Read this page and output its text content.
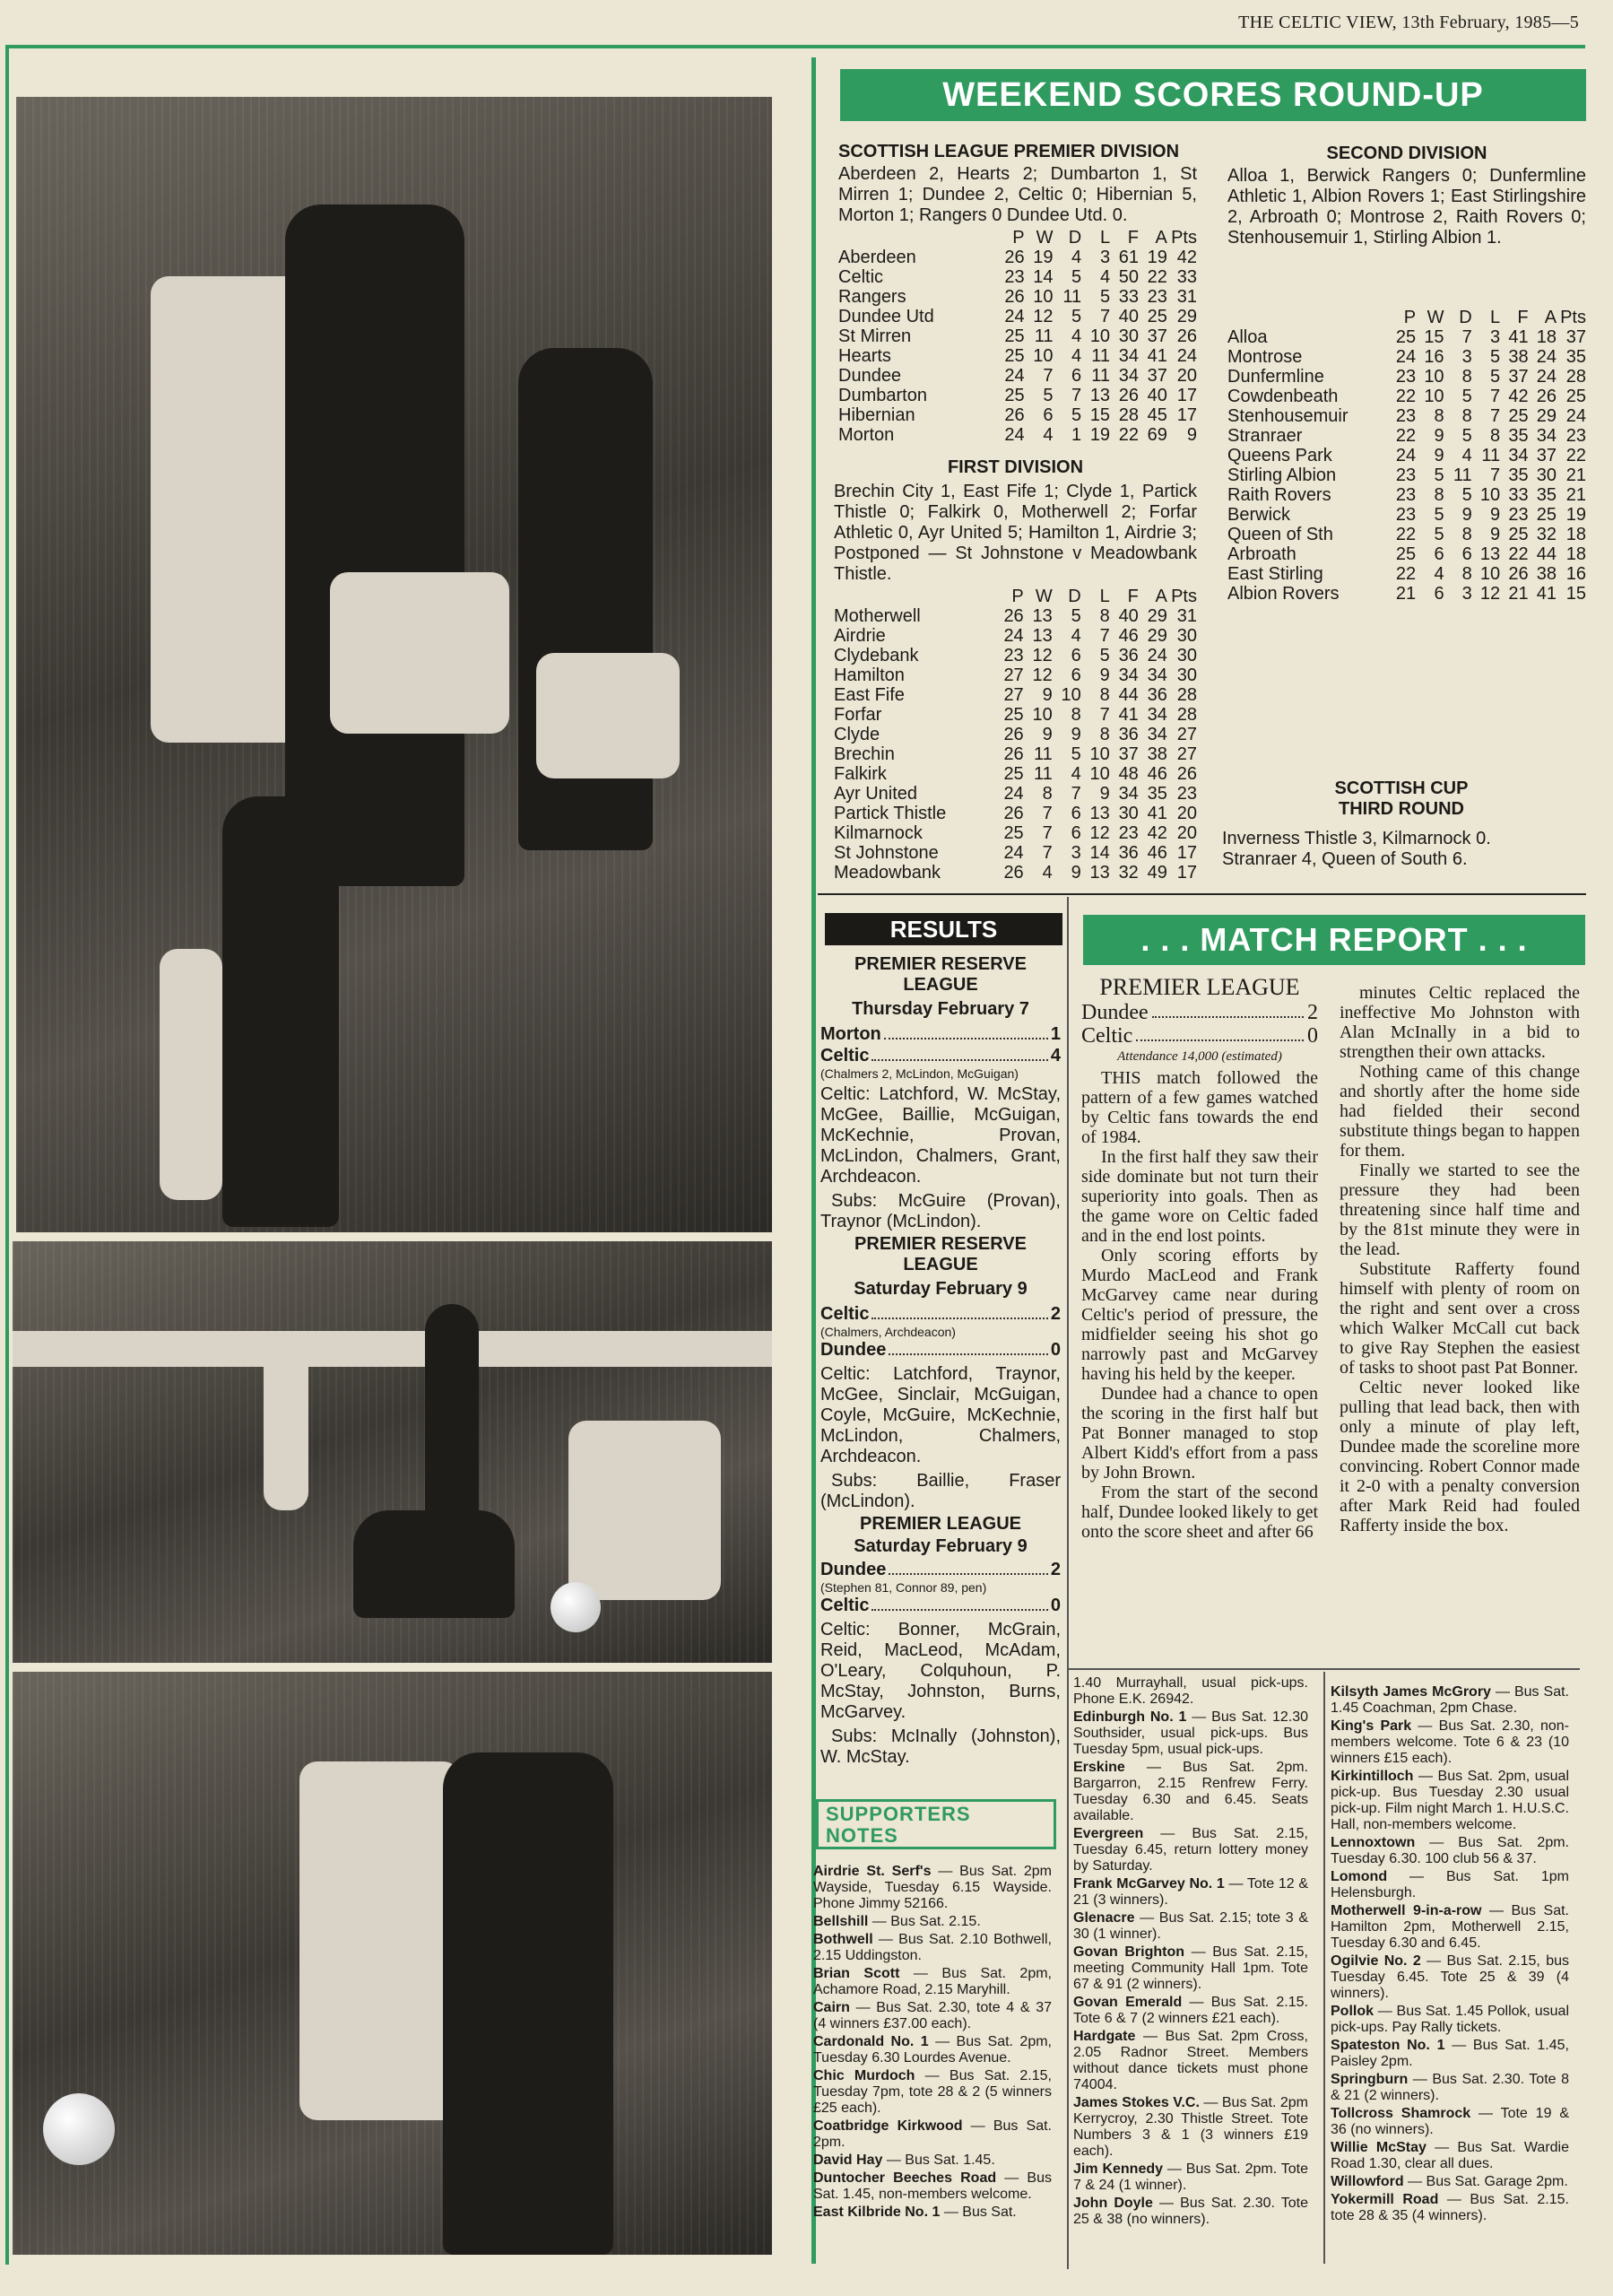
THE CELTIC VIEW, 13th February, 1985—5
WEEKEND SCORES ROUND-UP
SCOTTISH LEAGUE PREMIER DIVISION
Aberdeen 2, Hearts 2; Dumbarton 1, St Mirren 1; Dundee 2, Celtic 0; Hibernian 5, Morton 1; Rangers 0 Dundee Utd. 0.
	P	W	D	L	F	A	Pts
Aberdeen	26	19	4	3	61	19	42
Celtic	23	14	5	4	50	22	33
Rangers	26	10	11	5	33	23	31
Dundee Utd	24	12	5	7	40	25	29
St Mirren	25	11	4	10	30	37	26
Hearts	25	10	4	11	34	41	24
Dundee	24	7	6	11	34	37	20
Dumbarton	25	5	7	13	26	40	17
Hibernian	26	6	5	15	28	45	17
Morton	24	4	1	19	22	69	9
FIRST DIVISION
Brechin City 1, East Fife 1; Clyde 1, Partick Thistle 0; Falkirk 0, Motherwell 2; Forfar Athletic 0, Ayr United 5; Hamilton 1, Airdrie 3; Postponed — St Johnstone v Meadowbank Thistle.
	P	W	D	L	F	A	Pts
Motherwell	26	13	5	8	40	29	31
Airdrie	24	13	4	7	46	29	30
Clydebank	23	12	6	5	36	24	30
Hamilton	27	12	6	9	34	34	30
East Fife	27	9	10	8	44	36	28
Forfar	25	10	8	7	41	34	28
Clyde	26	9	9	8	36	34	27
Brechin	26	11	5	10	37	38	27
Falkirk	25	11	4	10	48	46	26
Ayr United	24	8	7	9	34	35	23
Partick Thistle	26	7	6	13	30	41	20
Kilmarnock	25	7	6	12	23	42	20
St Johnstone	24	7	3	14	36	46	17
Meadowbank	26	4	9	13	32	49	17
SECOND DIVISION
Alloa 1, Berwick Rangers 0; Dunfermline Athletic 1, Albion Rovers 1; East Stirlingshire 2, Arbroath 0; Montrose 2, Raith Rovers 0; Stenhousemuir 1, Stirling Albion 1.
	P	W	D	L	F	A	Pts
Alloa	25	15	7	3	41	18	37
Montrose	24	16	3	5	38	24	35
Dunfermline	23	10	8	5	37	24	28
Cowdenbeath	22	10	5	7	42	26	25
Stenhousemuir	23	8	8	7	25	29	24
Stranraer	22	9	5	8	35	34	23
Queens Park	24	9	4	11	34	37	22
Stirling Albion	23	5	11	7	35	30	21
Raith Rovers	23	8	5	10	33	35	21
Berwick	23	5	9	9	23	25	19
Queen of Sth	22	5	8	9	25	32	18
Arbroath	25	6	6	13	22	44	18
East Stirling	22	4	8	10	26	38	16
Albion Rovers	21	6	3	12	21	41	15
SCOTTISH CUP
THIRD ROUND
Inverness Thistle 3, Kilmarnock 0.
Stranraer 4, Queen of South 6.
RESULTS
PREMIER RESERVE LEAGUE
Thursday February 7
Morton	1
Celtic	4
(Chalmers 2, McLindon, McGuigan)
Celtic: Latchford, W. McStay, McGee, Baillie, McGuigan, McKechnie, Provan, McLindon, Chalmers, Grant, Archdeacon.
Subs: McGuire (Provan), Traynor (McLindon).
PREMIER RESERVE LEAGUE
Saturday February 9
Celtic	2
(Chalmers, Archdeacon)
Dundee	0
Celtic: Latchford, Traynor, McGee, Sinclair, McGuigan, Coyle, McGuire, McKechnie, McLindon, Chalmers, Archdeacon.
Subs: Baillie, Fraser (McLindon).
PREMIER LEAGUE
Saturday February 9
Dundee	2
(Stephen 81, Connor 89, pen)
Celtic	0
Celtic: Bonner, McGrain, Reid, MacLeod, McAdam, O'Leary, Colquhoun, P. McStay, Johnston, Burns, McGarvey.
Subs: McInally (Johnston), W. McStay.
. . . MATCH REPORT . . .
PREMIER LEAGUE
Dundee	2
Celtic	0
Attendance 14,000 (estimated)

THIS match followed the pattern of a few games watched by Celtic fans towards the end of 1984.

In the first half they saw their side dominate but not turn their superiority into goals. Then as the game wore on Celtic faded and in the end lost points.

Only scoring efforts by Murdo MacLeod and Frank McGarvey came near during Celtic's period of pressure, the midfielder seeing his shot go narrowly past and McGarvey having his held by the keeper.

Dundee had a chance to open the scoring in the first half but Pat Bonner managed to stop Albert Kidd's effort from a pass by John Brown.

From the start of the second half, Dundee looked likely to get onto the score sheet and after 66

minutes Celtic replaced the ineffective Mo Johnston with Alan McInally in a bid to strengthen their own attacks.

Nothing came of this change and shortly after the home side had fielded their second substitute things began to happen for them.

Finally we started to see the pressure they had been threatening since half time and by the 81st minute they were in the lead.

Substitute Rafferty found himself with plenty of room on the right and sent over a cross which Walker McCall cut back to give Ray Stephen the easiest of tasks to shoot past Pat Bonner.

Celtic never looked like pulling that lead back, then with only a minute of play left, Dundee made the scoreline more convincing. Robert Connor made it 2-0 with a penalty conversion after Mark Reid had fouled Rafferty inside the box.

SUPPORTERS
NOTES
Airdrie St. Serf's — Bus Sat. 2pm Wayside, Tuesday 6.15 Wayside. Phone Jimmy 52166.
Bellshill — Bus Sat. 2.15.
Bothwell — Bus Sat. 2.10 Bothwell, 2.15 Uddingston.
Brian Scott — Bus Sat. 2pm, Achamore Road, 2.15 Maryhill.
Cairn — Bus Sat. 2.30, tote 4 & 37 (4 winners £37.00 each).
Cardonald No. 1 — Bus Sat. 2pm, Tuesday 6.30 Lourdes Avenue.
Chic Murdoch — Bus Sat. 2.15, Tuesday 7pm, tote 28 & 2 (5 winners £25 each).
Coatbridge Kirkwood — Bus Sat. 2pm.
David Hay — Bus Sat. 1.45.
Duntocher Beeches Road — Bus Sat. 1.45, non-members welcome.
East Kilbride No. 1 — Bus Sat.
1.40 Murrayhall, usual pick-ups. Phone E.K. 26942.
Edinburgh No. 1 — Bus Sat. 12.30 Southsider, usual pick-ups. Bus Tuesday 5pm, usual pick-ups.
Erskine — Bus Sat. 2pm. Bargarron, 2.15 Renfrew Ferry. Tuesday 6.30 and 6.45. Seats available.
Evergreen — Bus Sat. 2.15, Tuesday 6.45, return lottery money by Saturday.
Frank McGarvey No. 1 — Tote 12 & 21 (3 winners).
Glenacre — Bus Sat. 2.15; tote 3 & 30 (1 winner).
Govan Brighton — Bus Sat. 2.15, meeting Community Hall 1pm. Tote 67 & 91 (2 winners).
Govan Emerald — Bus Sat. 2.15. Tote 6 & 7 (2 winners £21 each).
Hardgate — Bus Sat. 2pm Cross, 2.05 Radnor Street. Members without dance tickets must phone 74004.
James Stokes V.C. — Bus Sat. 2pm Kerrycroy, 2.30 Thistle Street. Tote Numbers 3 & 1 (3 winners £19 each).
Jim Kennedy — Bus Sat. 2pm. Tote 7 & 24 (1 winner).
John Doyle — Bus Sat. 2.30. Tote 25 & 38 (no winners).
Kilsyth James McGrory — Bus Sat. 1.45 Coachman, 2pm Chase.
King's Park — Bus Sat. 2.30, non-members welcome. Tote 6 & 23 (10 winners £15 each).
Kirkintilloch — Bus Sat. 2pm, usual pick-up. Bus Tuesday 2.30 usual pick-up. Film night March 1. H.U.S.C. Hall, non-members welcome.
Lennoxtown — Bus Sat. 2pm. Tuesday 6.30. 100 club 56 & 37.
Lomond — Bus Sat. 1pm Helensburgh.
Motherwell 9-in-a-row — Bus Sat. Hamilton 2pm, Motherwell 2.15, Tuesday 6.30 and 6.45.
Ogilvie No. 2 — Bus Sat. 2.15, bus Tuesday 6.45. Tote 25 & 39 (4 winners).
Pollok — Bus Sat. 1.45 Pollok, usual pick-ups. Pay Rally tickets.
Spateston No. 1 — Bus Sat. 1.45, Paisley 2pm.
Springburn — Bus Sat. 2.30. Tote 8 & 21 (2 winners).
Tollcross Shamrock — Tote 19 & 36 (no winners).
Willie McStay — Bus Sat. Wardie Road 1.30, clear all dues.
Willowford — Bus Sat. Garage 2pm.
Yokermill Road — Bus Sat. 2.15. tote 28 & 35 (4 winners).
